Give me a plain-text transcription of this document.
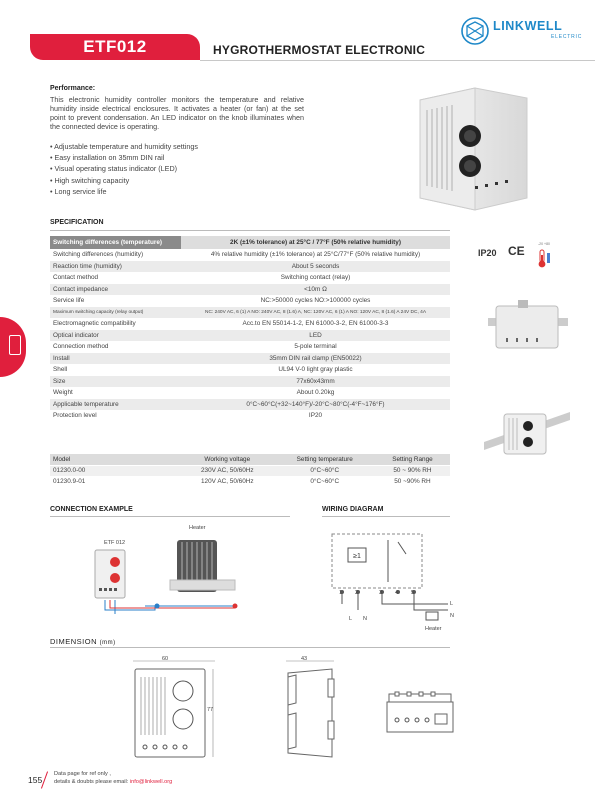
ETF012	HYGROTHERMOSTAT ELECTRONIC
LINKWELL
ELECTRIC
Performance:
This electronic humidity controller monitors the temperature and relative humidity inside electrical enclosures. It activates a heater (or fan) at the set point to prevent condensation. An LED indicator on the knob illuminates when the connected device is operating.
• Adjustable temperature and humidity settings
• Easy installation on 35mm DIN rail
• Visual operating status indicator (LED)
• High switching capacity
• Long service life
SPECIFICATION
Switching differences (temperature)	2K (±1% tolerance) at 25°C / 77°F (50% relative humidity)
Switching differences (humidity)	4% relative humidity (±1% tolerance) at 25°C/77°F (50% relative humidity)
Reaction time (humidity)	About 5 seconds
Contact method	Switching contact (relay)
Contact impedance	<10m Ω
Service life	NC:>50000 cycles NO:>100000 cycles
Maximum switching capacity (relay output)	NC: 240V AC, 6 (1) A NO: 240V AC, 8 (1.6) A, NC: 120V AC, 6 (1) A NO: 120V AC, 8 (1.6) A 24V DC, 4A
Electromagnetic compatibility	Acc.to EN 55014-1-2, EN 61000-3-2, EN 61000-3-3
Optical indicator	LED
Connection method	5-pole terminal
Install	35mm DIN rail clamp (EN50022)
Shell	UL94 V-0 light gray plastic
Size	77x60x43mm
Weight	About 0.20kg
Applicable temperature	0°C~60°C(+32~140°F)/-20°C~80°C(-4°F~176°F)
Protection level	IP20
Model	Working voltage	Setting temperature	Setting Range
01230.0-00	230V AC, 50/60Hz	0°C~60°C	50 ~ 90% RH
01230.9-01	120V AC, 50/60Hz	0°C~60°C	50 ~90% RH
IP20 CE	-20 +80
CONNECTION EXAMPLE
ETF 012
Heater
WIRING DIAGRAM
≥1
1 2	3 4 5
L N
L
N
Heater
DIMENSION (mm)
60
77
43
155
Data page for ref only ,
details & doubts please email: info@linkwell.org
